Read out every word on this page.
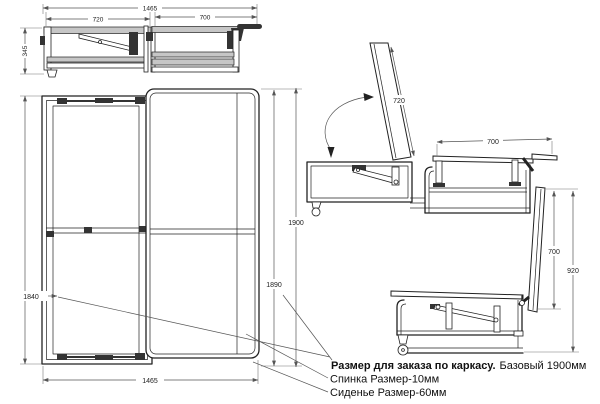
1465
720	700
345
1840
1465
1900
1890
720
700
700
920
Размер для заказа по каркасу. Базовый 1900мм
Спинка Размер-10мм
Сиденье Размер-60мм
